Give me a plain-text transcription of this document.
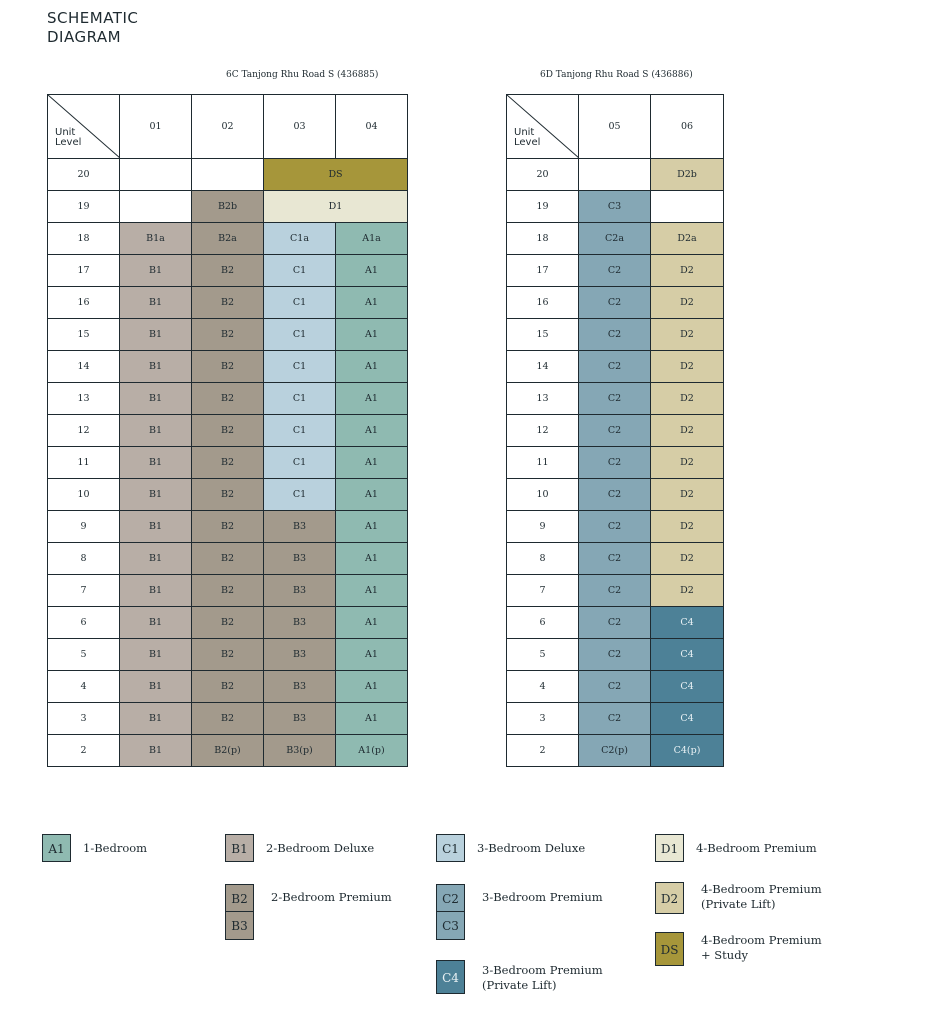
SCHEMATIC
DIAGRAM
6C Tanjong Rhu Road S (436885)	6D Tanjong Rhu Road S (436886)
Unit
Level	01	02	03	04
20			DS	
19		B2b	D1	
18	B1a	B2a	C1a	A1a
17	B1	B2	C1	A1
16	B1	B2	C1	A1
15	B1	B2	C1	A1
14	B1	B2	C1	A1
13	B1	B2	C1	A1
12	B1	B2	C1	A1
11	B1	B2	C1	A1
10	B1	B2	C1	A1
9	B1	B2	B3	A1
8	B1	B2	B3	A1
7	B1	B2	B3	A1
6	B1	B2	B3	A1
5	B1	B2	B3	A1
4	B1	B2	B3	A1
3	B1	B2	B3	A1
2	B1	B2(p)	B3(p)	A1(p)
Unit
Level	05	06
20		D2b
19	C3	
18	C2a	D2a
17	C2	D2
16	C2	D2
15	C2	D2
14	C2	D2
13	C2	D2
12	C2	D2
11	C2	D2
10	C2	D2
9	C2	D2
8	C2	D2
7	C2	D2
6	C2	C4
5	C2	C4
4	C2	C4
3	C2	C4
2	C2(p)	C4(p)
A1	1-Bedroom	B1	2-Bedroom Deluxe
B2
B3
2-Bedroom Premium
C1	3-Bedroom Deluxe
C2
C3
3-Bedroom Premium
C4
3-Bedroom Premium
(Private Lift)
D1	4-Bedroom Premium
D2
4-Bedroom Premium
(Private Lift)
DS
4-Bedroom Premium
+ Study
